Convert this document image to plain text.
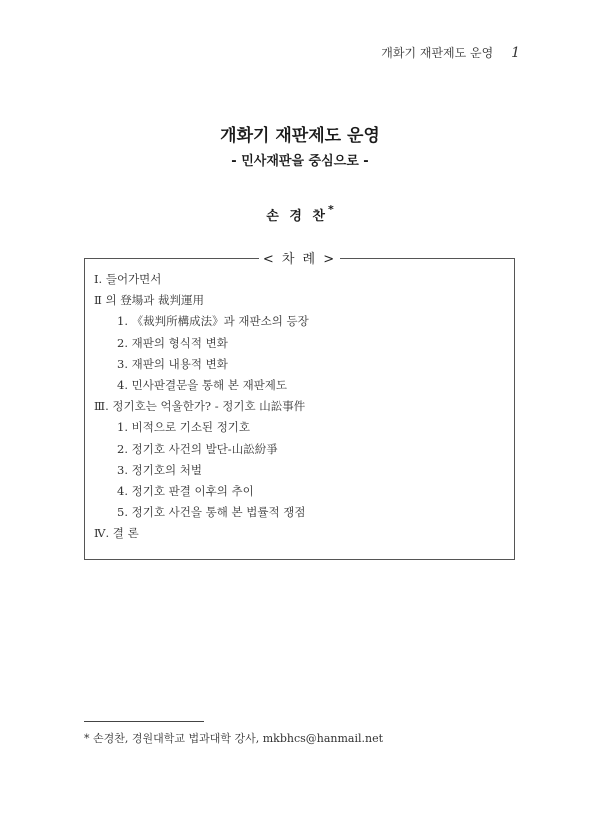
개화기 재판제도 운영 1
개화기 재판제도 운영
- 민사재판을 중심으로 -
손 경 찬*
< 차 례 >
Ⅰ. 들어가면서
Ⅱ 의 登場과 裁判運用
1. 《裁判所構成法》과 재판소의 등장
2. 재판의 형식적 변화
3. 재판의 내용적 변화
4. 민사판결문을 통해 본 재판제도
Ⅲ. 정기호는 억울한가? - 정기호 山訟事件
1. 비적으로 기소된 정기호
2. 정기호 사건의 발단-山訟紛爭
3. 정기호의 처벌
4. 정기호 판결 이후의 추이
5. 정기호 사건을 통해 본 법률적 쟁점
Ⅳ. 결 론
* 손경찬, 경원대학교 법과대학 강사, mkbhcs@hanmail.net
